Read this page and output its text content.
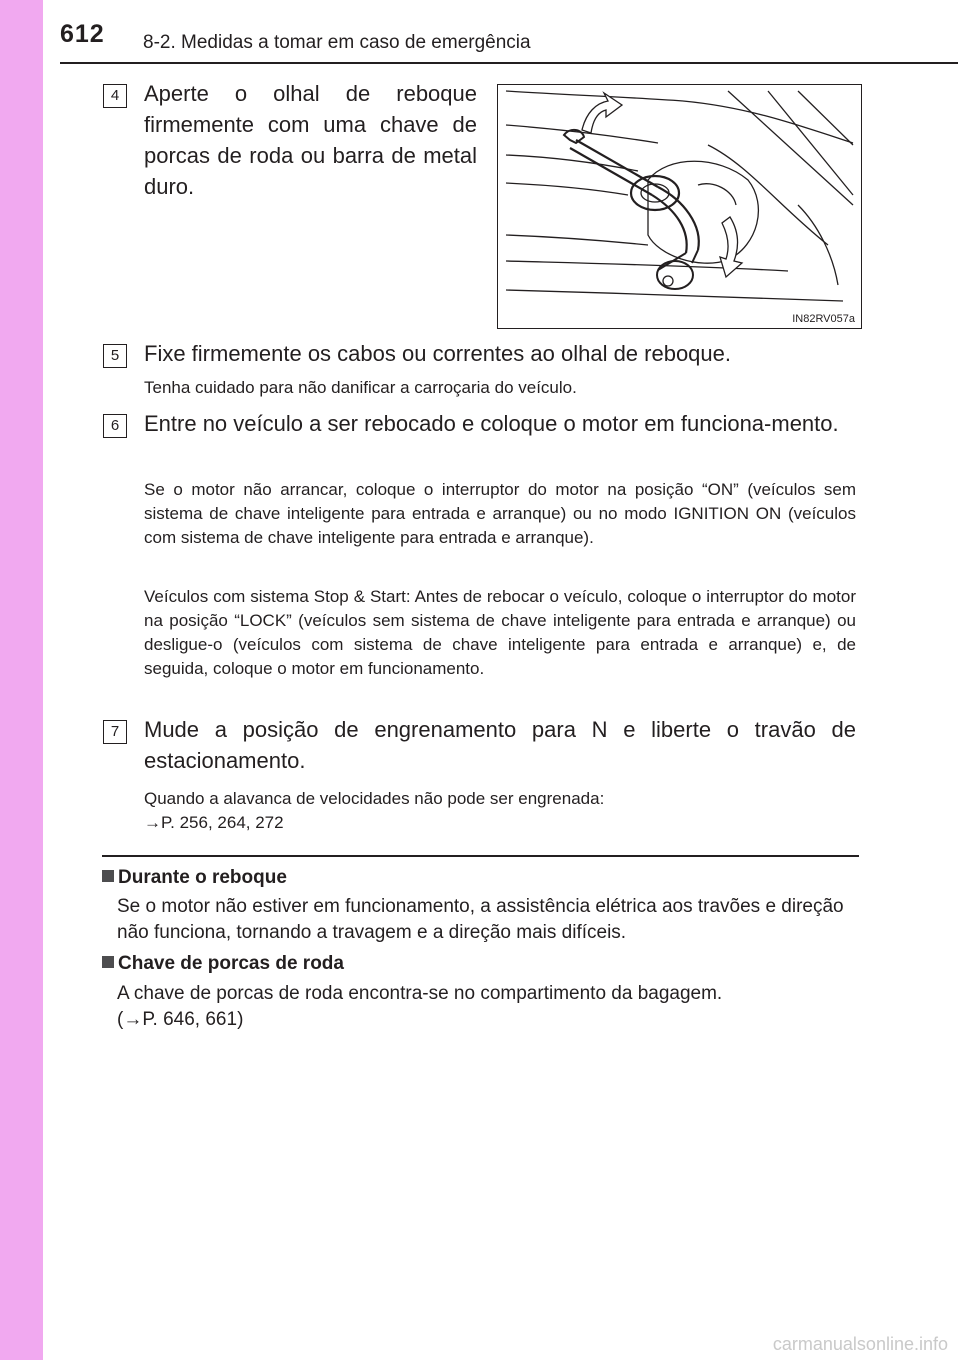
612 8-2. Medidas a tomar em caso de emergência
4	Aperte o olhal de reboque firmemente com uma chave de porcas de roda ou barra de metal duro.
IN82RV057a
5	Fixe firmemente os cabos ou correntes ao olhal de reboque.
Tenha cuidado para não danificar a carroçaria do veículo.
6	Entre no veículo a ser rebocado e coloque o motor em funciona-mento.
Se o motor não arrancar, coloque o interruptor do motor na posição “ON” (veículos sem sistema de chave inteligente para entrada e arranque) ou no modo IGNITION ON (veículos com sistema de chave inteligente para entrada e arranque).
Veículos com sistema Stop & Start: Antes de rebocar o veículo, coloque o interruptor do motor na posição “LOCK” (veículos sem sistema de chave inteligente para entrada e arranque) ou desligue-o (veículos com sistema de chave inteligente para entrada e arranque) e, de seguida, coloque o motor em funcionamento.
7	Mude a posição de engrenamento para N e liberte o travão de estacionamento.
Quando a alavanca de velocidades não pode ser engrenada:
→P. 256, 264, 272
Durante o reboque
Se o motor não estiver em funcionamento, a assistência elétrica aos travões e direção não funciona, tornando a travagem e a direção mais difíceis.
Chave de porcas de roda
A chave de porcas de roda encontra-se no compartimento da bagagem.
(→P. 646, 661)
carmanualsonline.info
